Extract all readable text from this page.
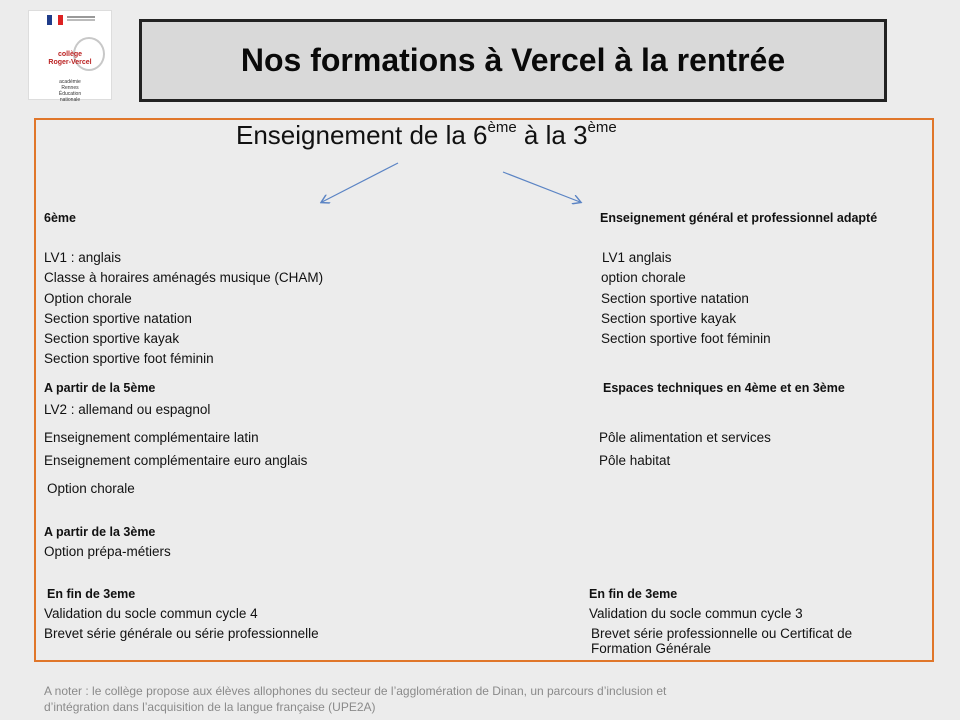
collège
Roger-Vercel
académie
Rennes
Éducation
nationale
Nos formations à Vercel à la rentrée
Enseignement de la 6ème à la 3ème
6ème
LV1 : anglais
Classe à horaires aménagés musique (CHAM)
Option chorale
Section sportive natation
Section sportive kayak
Section sportive foot féminin
A partir de la 5ème
LV2 : allemand ou espagnol
Enseignement complémentaire latin
Enseignement complémentaire euro anglais
Option chorale
A partir de la 3ème
Option prépa-métiers
En fin de 3eme
Validation du socle commun cycle 4
Brevet série générale ou série professionnelle
Enseignement général et professionnel adapté
LV1 anglais
option chorale
Section sportive natation
Section sportive kayak
Section sportive foot féminin
Espaces techniques en 4ème et en 3ème
Pôle alimentation et services
Pôle habitat
En fin de 3eme
Validation du socle commun cycle 3
Brevet série professionnelle ou Certificat de
Formation Générale
A noter : le collège propose aux élèves allophones du secteur de l’agglomération de Dinan, un parcours d’inclusion et
d’intégration dans l’acquisition de la langue française (UPE2A)
